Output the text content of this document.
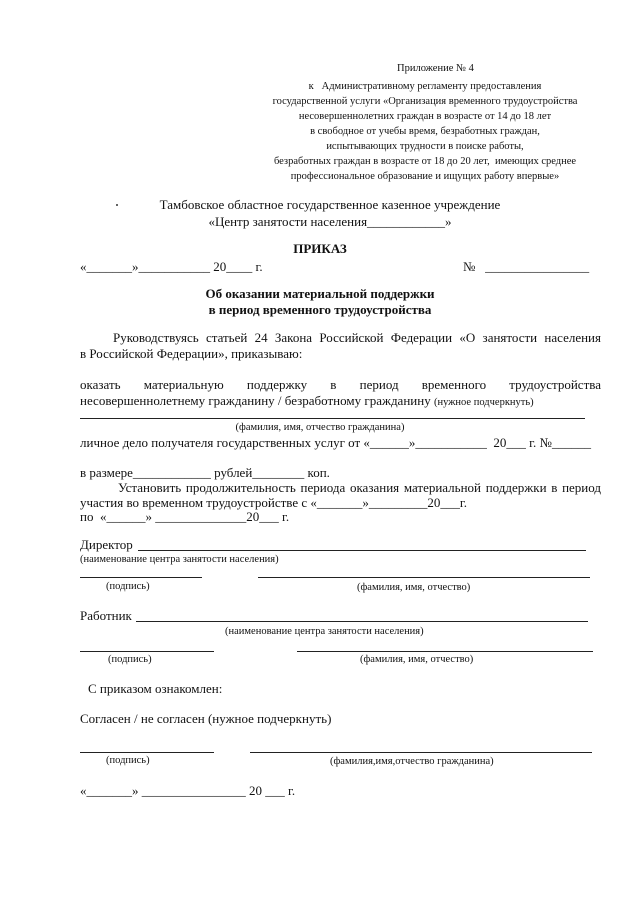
Приложение № 4
к   Административному регламенту предоставления
государственной услуги «Организация временного трудоустройства
несовершеннолетних граждан в возрасте от 14 до 18 лет
в свободное от учебы время, безработных граждан,
испытывающих трудности в поиске работы,
безработных граждан в возрасте от 18 до 20 лет,  имеющих среднее
профессиональное образование и ищущих работу впервые»
Тамбовское областное государственное казенное учреждение
«Центр занятости населения____________»
ПРИКАЗ
«_______»___________ 20____ г.	№   ________________
Об оказании материальной поддержки
в период временного трудоустройства
Руководствуясь статьей 24 Закона Российской Федерации «О занятости населения
в Российской Федерации», приказываю:
оказать материальную поддержку в период временного трудоустройства
несовершеннолетнему гражданину / безработному гражданину (нужное подчеркнуть)
(фамилия, имя, отчество гражданина)
личное дело получателя государственных услуг от «______»___________  20___ г. №______
в размере____________ рублей________ коп.
Установить продолжительность периода оказания материальной поддержки в период
участия во временном трудоустройстве с «_______»_________20___г.
по  «______» ______________20___ г.
Директор
(наименование центра занятости населения)
(подпись)	(фамилия, имя, отчество)
Работник
(наименование центра занятости населения)
(подпись)	(фамилия, имя, отчество)
С приказом ознакомлен:
Согласен / не согласен (нужное подчеркнуть)
(подпись)	(фамилия,имя,отчество гражданина)
«_______» ________________ 20 ___ г.
